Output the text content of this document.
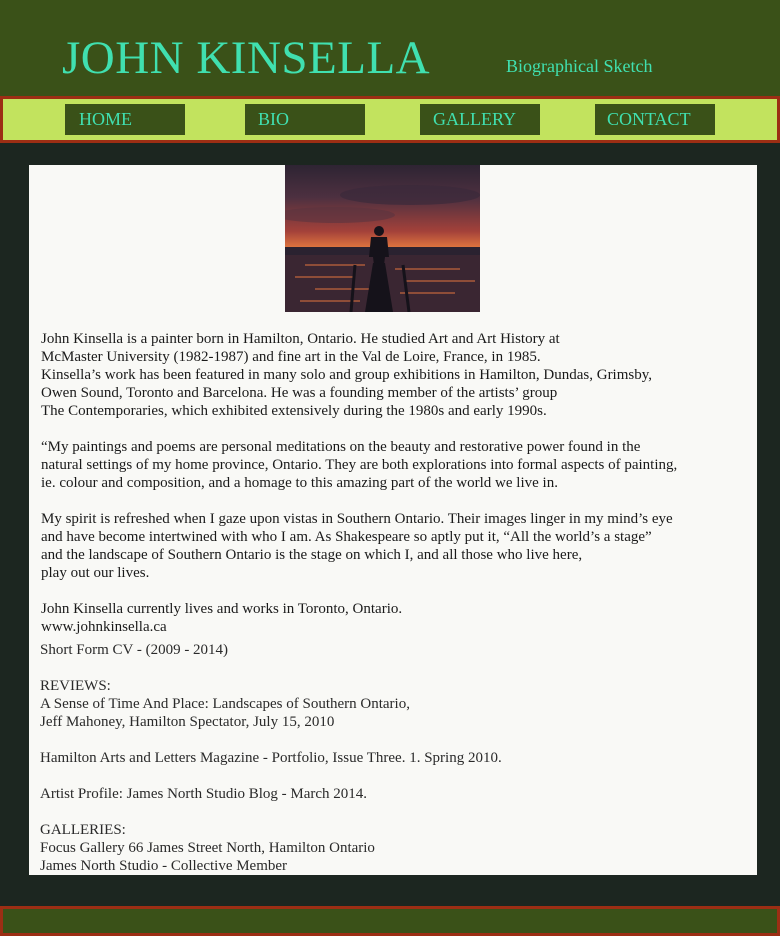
JOHN KINSELLA	Biographical Sketch
HOME	BIO	GALLERY	CONTACT

John Kinsella is a painter born in Hamilton, Ontario. He studied Art and Art History at
McMaster University (1982-1987) and fine art in the Val de Loire, France, in 1985.
Kinsella’s work has been featured in many solo and group exhibitions in Hamilton, Dundas, Grimsby,
Owen Sound, Toronto and Barcelona. He was a founding member of the artists’ group
The Contemporaries, which exhibited extensively during the 1980s and early 1990s.

“My paintings and poems are personal meditations on the beauty and restorative power found in the
natural settings of my home province, Ontario. They are both explorations into formal aspects of painting,
ie. colour and composition, and a homage to this amazing part of the world we live in.

My spirit is refreshed when I gaze upon vistas in Southern Ontario. Their images linger in my mind’s eye
and have become intertwined with who I am. As Shakespeare so aptly put it, “All the world’s a stage”
and the landscape of Southern Ontario is the stage on which I, and all those who live here,
play out our lives.

John Kinsella currently lives and works in Toronto, Ontario.
www.johnkinsella.ca

Short Form CV - (2009 - 2014)
REVIEWS:
A Sense of Time And Place: Landscapes of Southern Ontario,
Jeff Mahoney, Hamilton Spectator, July 15, 2010
Hamilton Arts and Letters Magazine - Portfolio, Issue Three. 1. Spring 2010.
Artist Profile: James North Studio Blog - March 2014.
GALLERIES:
Focus Gallery 66 James Street North, Hamilton Ontario
James North Studio - Collective Member
